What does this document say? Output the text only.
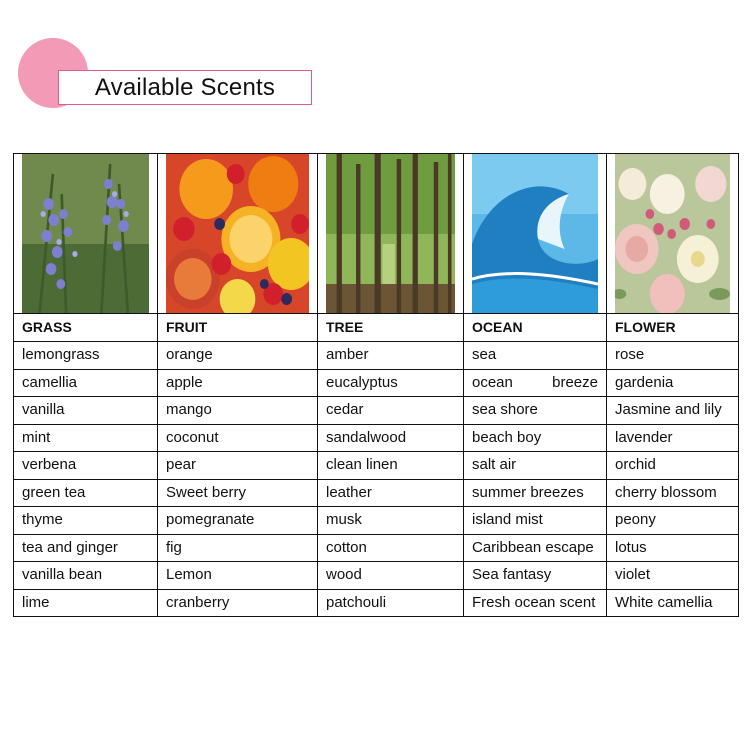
Available Scents

GRASS	FRUIT	TREE	OCEAN	FLOWER
lemongrass	orange	amber	sea	rose
camellia	apple	eucalyptus	ocean breeze	gardenia
vanilla	mango	cedar	sea shore	Jasmine and lily
mint	coconut	sandalwood	beach boy	lavender
verbena	pear	clean linen	salt air	orchid
green tea	Sweet berry	leather	summer breezes	cherry blossom
thyme	pomegranate	musk	island mist	peony
tea and ginger	fig	cotton	Caribbean escape	lotus
vanilla bean	Lemon	wood	Sea fantasy	violet
lime	cranberry	patchouli	Fresh ocean scent	White camellia
